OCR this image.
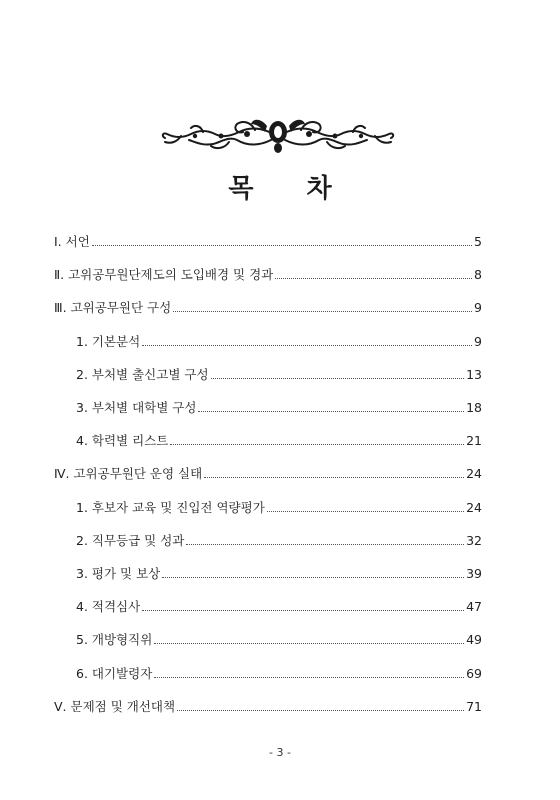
목 차
Ⅰ. 서언	5
Ⅱ. 고위공무원단제도의 도입배경 및 경과	8
Ⅲ. 고위공무원단 구성	9
1. 기본분석	9
2. 부처별 출신고별 구성	13
3. 부처별 대학별 구성	18
4. 학력별 리스트	21
Ⅳ. 고위공무원단 운영 실태	24
1. 후보자 교육 및 진입전 역량평가	24
2. 직무등급 및 성과	32
3. 평가 및 보상	39
4. 적격심사	47
5. 개방형직위	49
6. 대기발령자	69
Ⅴ. 문제점 및 개선대책	71
- 3 -
